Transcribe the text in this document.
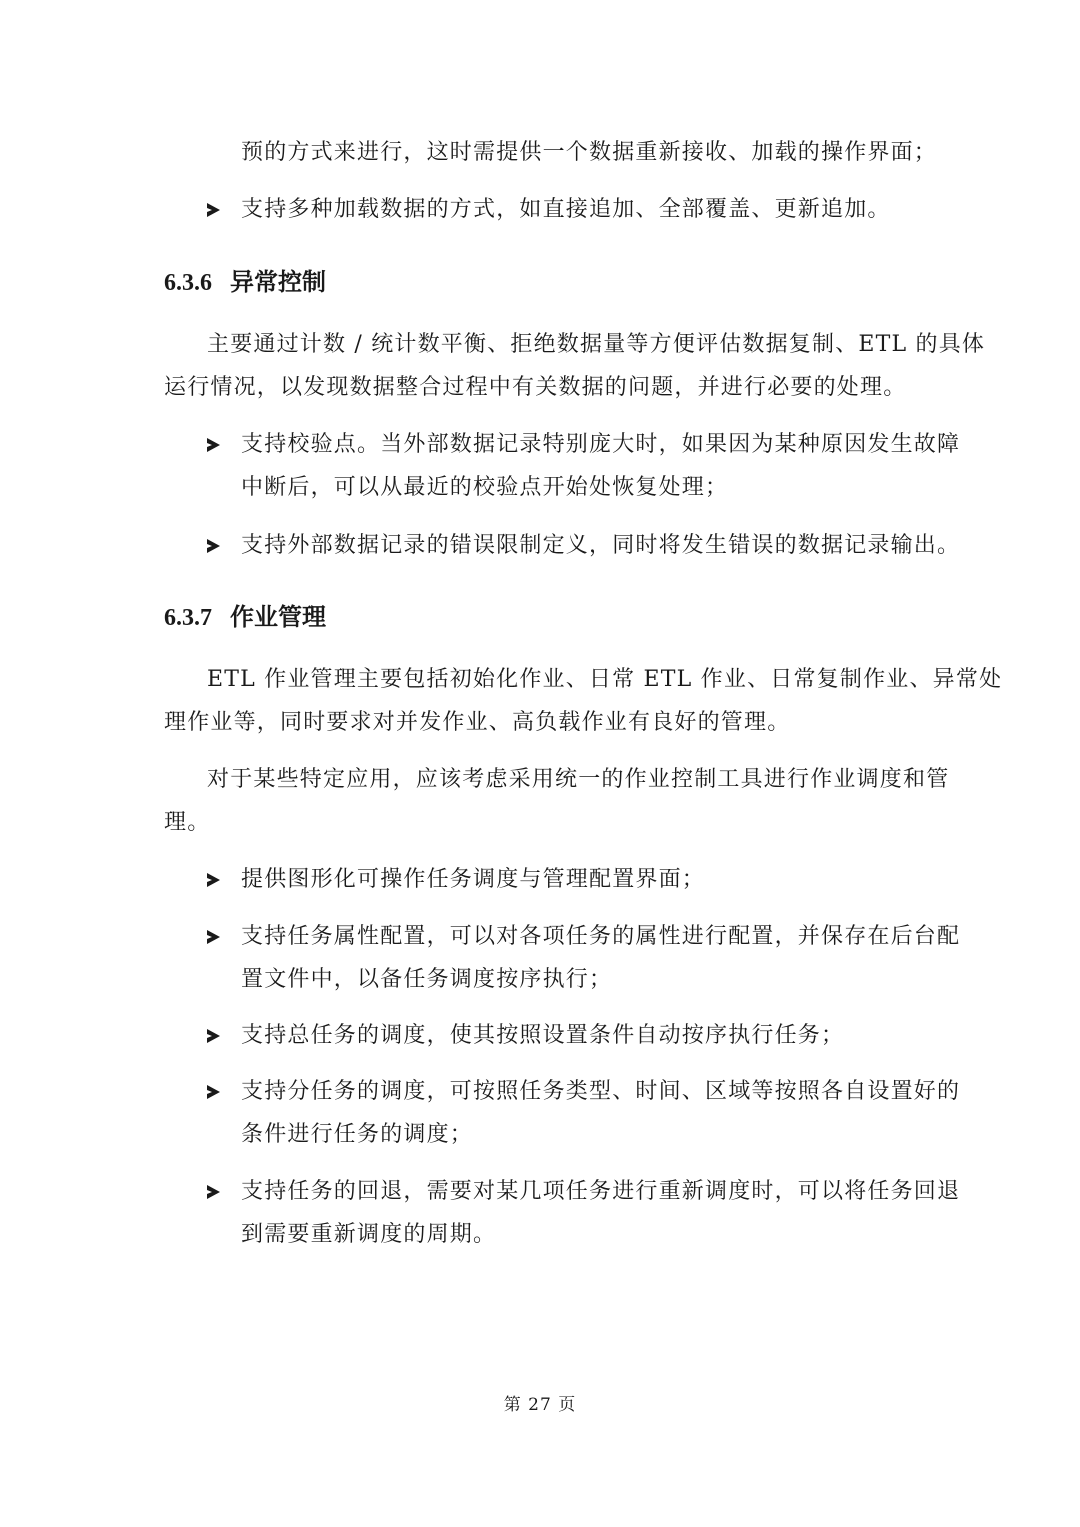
预的方式来进行，这时需提供一个数据重新接收、加载的操作界面；
支持多种加载数据的方式，如直接追加、全部覆盖、更新追加。
6.3.6 异常控制
主要通过计数 / 统计数平衡、拒绝数据量等方便评估数据复制、ETL 的具体
运行情况，以发现数据整合过程中有关数据的问题，并进行必要的处理。
支持校验点。当外部数据记录特别庞大时，如果因为某种原因发生故障
中断后，可以从最近的校验点开始处恢复处理；
支持外部数据记录的错误限制定义，同时将发生错误的数据记录输出。
6.3.7 作业管理
ETL 作业管理主要包括初始化作业、日常 ETL 作业、日常复制作业、异常处
理作业等，同时要求对并发作业、高负载作业有良好的管理。
对于某些特定应用，应该考虑采用统一的作业控制工具进行作业调度和管
理。
提供图形化可操作任务调度与管理配置界面；
支持任务属性配置，可以对各项任务的属性进行配置，并保存在后台配
置文件中，以备任务调度按序执行；
支持总任务的调度，使其按照设置条件自动按序执行任务；
支持分任务的调度，可按照任务类型、时间、区域等按照各自设置好的
条件进行任务的调度；
支持任务的回退，需要对某几项任务进行重新调度时，可以将任务回退
到需要重新调度的周期。
第 27 页
